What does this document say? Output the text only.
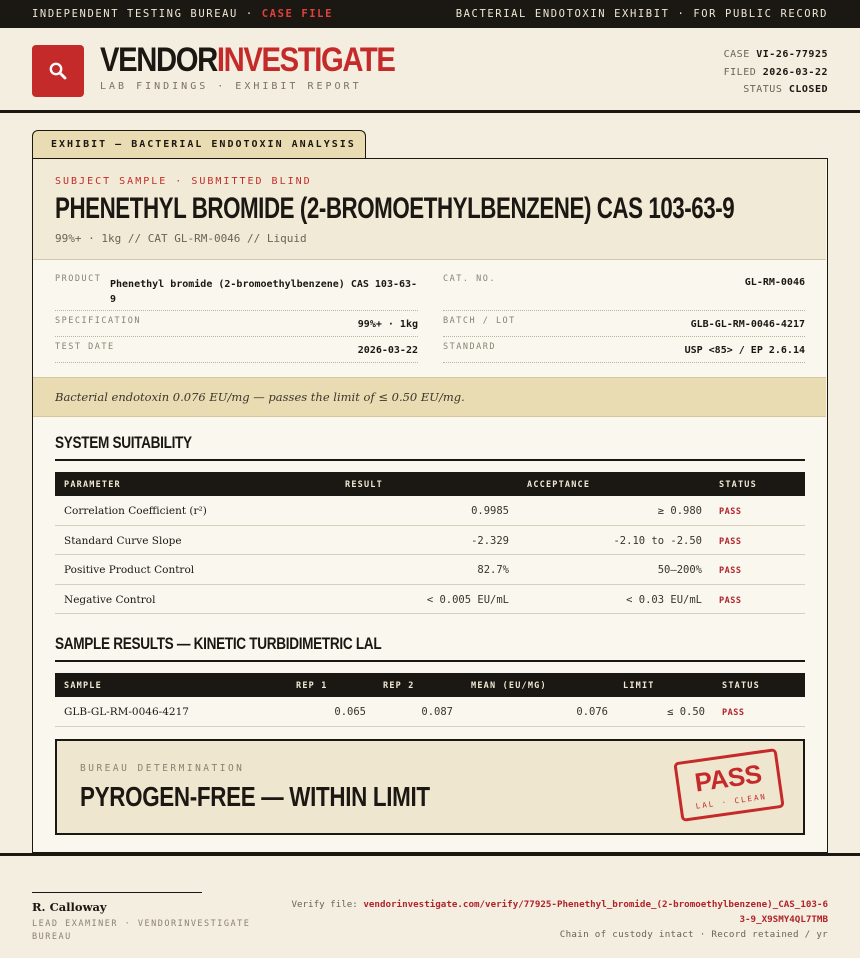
INDEPENDENT TESTING BUREAU · CASE FILE	BACTERIAL ENDOTOXIN EXHIBIT · FOR PUBLIC RECORD
VENDORINVESTIGATE
LAB FINDINGS · EXHIBIT REPORT
CASE VI-26-77925
FILED 2026-03-22
STATUS CLOSED
EXHIBIT — BACTERIAL ENDOTOXIN ANALYSIS
SUBJECT SAMPLE · SUBMITTED BLIND
PHENETHYL BROMIDE (2-BROMOETHYLBENZENE) CAS 103-63-9
99%+ · 1kg // CAT GL-RM-0046 // Liquid
PRODUCT Phenethyl bromide (2-bromoethylbenzene) CAS 103-63-9
SPECIFICATION	99%+ · 1kg
TEST DATE	2026-03-22
CAT. NO.	GL-RM-0046
BATCH / LOT	GLB-GL-RM-0046-4217
STANDARD	USP <85> / EP 2.6.14
Bacterial endotoxin 0.076 EU/mg — passes the limit of ≤ 0.50 EU/mg.
SYSTEM SUITABILITY
PARAMETER	RESULT	ACCEPTANCE	STATUS
Correlation Coefficient (r²)	0.9985	≥ 0.980 PASS
Standard Curve Slope	-2.329	-2.10 to -2.50 PASS
Positive Product Control	82.7%	50–200% PASS
Negative Control	< 0.005 EU/mL	< 0.03 EU/mL PASS
SAMPLE RESULTS — KINETIC TURBIDIMETRIC LAL
SAMPLE	REP 1	REP 2	MEAN (EU/MG)	LIMIT	STATUS
GLB-GL-RM-0046-4217	0.065	0.087	0.076	≤ 0.50 PASS
BUREAU DETERMINATION
PYROGEN-FREE — WITHIN LIMIT	PASS
LAL · CLEAN
R. Calloway
LEAD EXAMINER · VENDORINVESTIGATE BUREAU
Verify file: vendorinvestigate.com/verify/77925-Phenethyl_bromide_(2-bromoethylbenzene)_CAS_103-63-9_X9SMY4QL7TMB
Chain of custody intact · Record retained / yr
